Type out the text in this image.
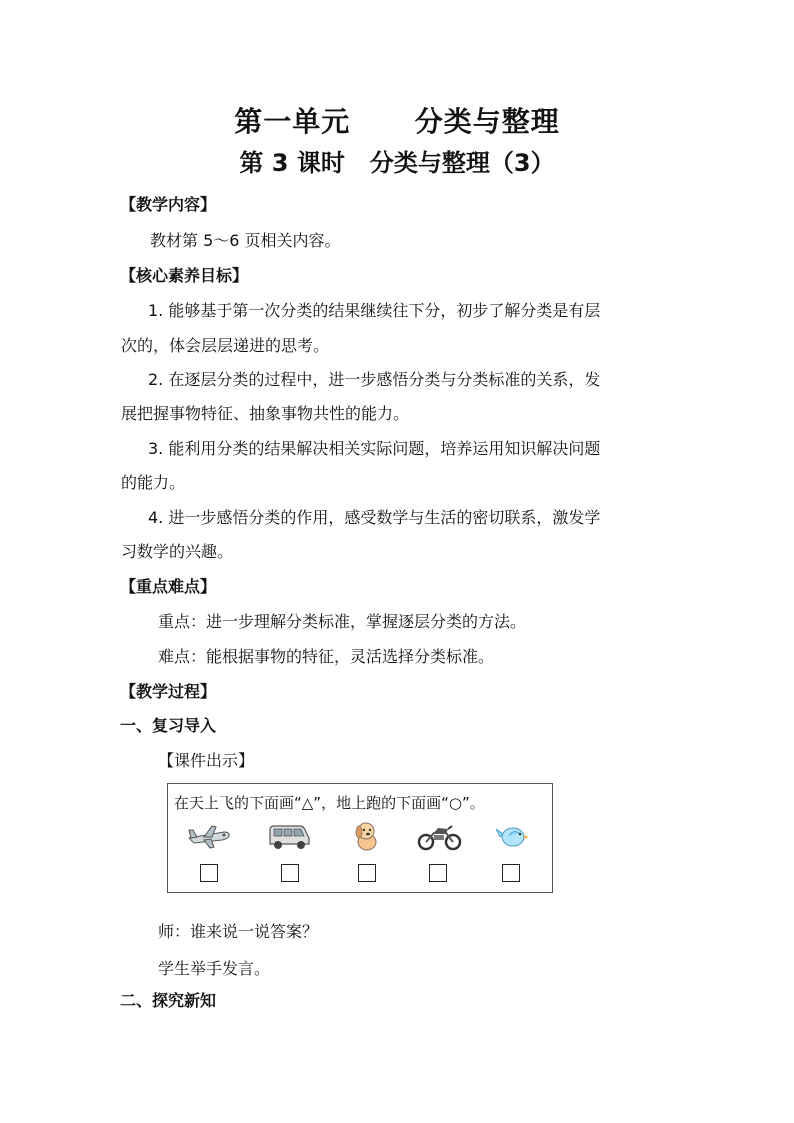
第一单元      分类与整理
第 3 课时   分类与整理（3）
【教学内容】
教材第 5～6 页相关内容。
【核心素养目标】
1. 能够基于第一次分类的结果继续往下分，初步了解分类是有层
次的，体会层层递进的思考。
2. 在逐层分类的过程中，进一步感悟分类与分类标准的关系，发
展把握事物特征、抽象事物共性的能力。
3. 能利用分类的结果解决相关实际问题，培养运用知识解决问题
的能力。
4. 进一步感悟分类的作用，感受数学与生活的密切联系，激发学
习数学的兴趣。
【重点难点】
重点：进一步理解分类标准，掌握逐层分类的方法。
难点：能根据事物的特征，灵活选择分类标准。
【教学过程】
一、复习导入
【课件出示】
在天上飞的下面画“△”，地上跑的下面画“○”。
师：谁来说一说答案？
学生举手发言。
二、探究新知
